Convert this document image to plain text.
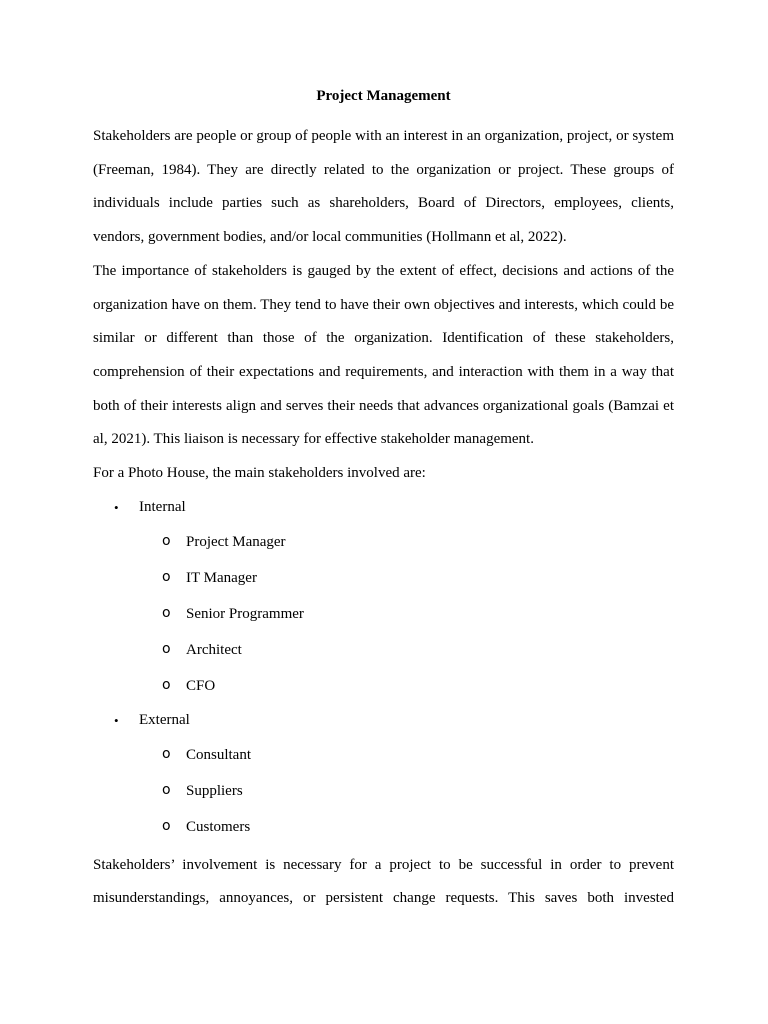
Project Management

Stakeholders are people or group of people with an interest in an organization, project, or system (Freeman, 1984). They are directly related to the organization or project. These groups of individuals include parties such as shareholders, Board of Directors, employees, clients, vendors, government bodies, and/or local communities (Hollmann et al, 2022).

The importance of stakeholders is gauged by the extent of effect, decisions and actions of the organization have on them. They tend to have their own objectives and interests, which could be similar or different than those of the organization. Identification of these stakeholders, comprehension of their expectations and requirements, and interaction with them in a way that both of their interests align and serves their needs that advances organizational goals (Bamzai et al, 2021). This liaison is necessary for effective stakeholder management.

For a Photo House, the main stakeholders involved are:

• Internal
o Project Manager
o IT Manager
o Senior Programmer
o Architect
o CFO
• External
o Consultant
o Suppliers
o Customers

Stakeholders’ involvement is necessary for a project to be successful in order to prevent misunderstandings, annoyances, or persistent change requests. This saves both invested
